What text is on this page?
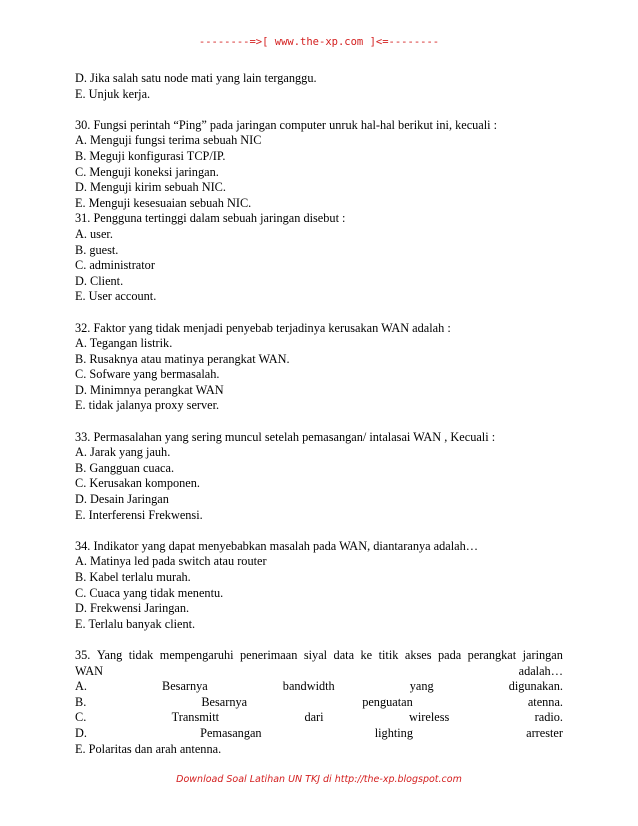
--------=>[ www.the-xp.com ]<=--------

D. Jika salah satu node mati yang lain terganggu.

E. Unjuk kerja.

30. Fungsi perintah “Ping” pada jaringan computer unruk hal-hal berikut ini, kecuali :

A. Menguji fungsi terima sebuah NIC

B. Meguji konfigurasi TCP/IP.

C. Menguji koneksi jaringan.

D. Menguji kirim sebuah NIC.

E. Menguji kesesuaian sebuah NIC.

31. Pengguna tertinggi dalam sebuah jaringan disebut :

A. user.

B. guest.

C. administrator

D. Client.

E. User account.

32. Faktor yang tidak menjadi penyebab terjadinya kerusakan WAN adalah :

A. Tegangan listrik.

B. Rusaknya atau matinya perangkat WAN.

C. Sofware yang bermasalah.

D. Minimnya perangkat WAN

E. tidak jalanya proxy server.

33. Permasalahan yang sering muncul setelah pemasangan/ intalasai WAN , Kecuali :

A. Jarak yang jauh.

B. Gangguan cuaca.

C. Kerusakan komponen.

D. Desain Jaringan

E. Interferensi Frekwensi.

34. Indikator yang dapat menyebabkan masalah pada WAN, diantaranya adalah…

A. Matinya led pada switch atau router

B. Kabel terlalu murah.

C. Cuaca yang tidak menentu.

D. Frekwensi Jaringan.

E. Terlalu banyak client.

35. Yang tidak mempengaruhi penerimaan siyal data ke titik akses pada perangkat jaringan
WAN	adalah…
A.	Besarnya	bandwidth	yang	digunakan.
B.	Besarnya	penguatan	atenna.
C.	Transmitt	dari	wireless	radio.
D.	Pemasangan	lighting	arrester

E. Polaritas dan arah antenna.

Download Soal Latihan UN TKJ di http://the-xp.blogspot.com
